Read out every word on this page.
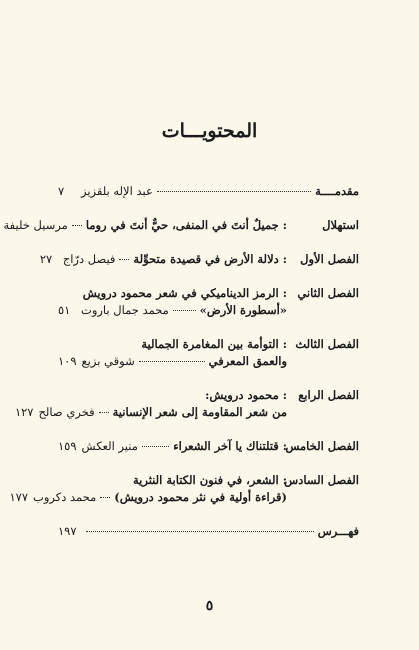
المحتويـــات
مقدمــــة
عبد الإله بلقزيز
٧
استهلال
: جميلٌ أنتَ في المنفى، حيٌّ أنتَ في روما
مرسيل خليفة
الفصل الأول
: دلالة الأرض في قصيدة متحوِّلة
فيصل درّاج
٢٧
الفصل الثاني
: الرمز الديناميكي في شعر محمود درويش
«أسطورة الأرض»
محمد جمال باروت
٥١
الفصل الثالث
: التوأمة بين المغامرة الجمالية
والعمق المعرفي
شوقي بزيع
١٠٩
الفصل الرابع
: محمود درويش:
من شعر المقاومة إلى شعر الإنسانية
فخري صالح
١٢٧
الفصل الخامس
: قتلتناك يا آخر الشعراء
منير العكش
١٥٩
الفصل السادس
: الشعر، في فنون الكتابة النثرية
(قراءة أولية في نثر محمود درويش)
محمد دكروب
١٧٧
فهـــرس
١٩٧
٥
